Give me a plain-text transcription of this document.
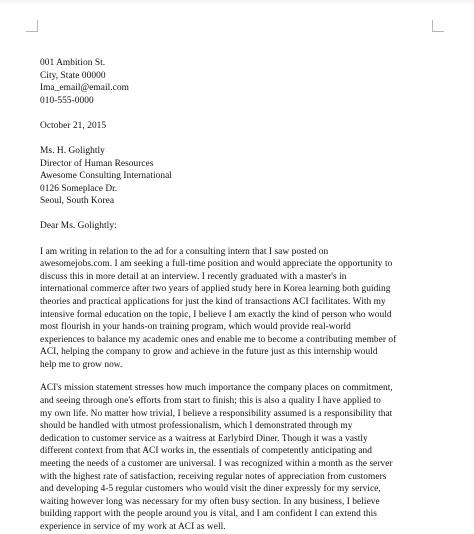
001 Ambition St.

City, State 00000

Ima_email@email.com

010-555-0000

October 21, 2015

Ms. H. Golightly

Director of Human Resources

Awesome Consulting International

0126 Someplace Dr.

Seoul, South Korea

Dear Ms. Golightly:

I am writing in relation to the ad for a consulting intern that I saw posted on

awesomejobs.com. I am seeking a full-time position and would appreciate the opportunity to

discuss this in more detail at an interview. I recently graduated with a master's in

international commerce after two years of applied study here in Korea learning both guiding

theories and practical applications for just the kind of transactions ACI facilitates. With my

intensive formal education on the topic, I believe I am exactly the kind of person who would

most flourish in your hands-on training program, which would provide real-world

experiences to balance my academic ones and enable me to become a contributing member of

ACI, helping the company to grow and achieve in the future just as this internship would

help me to grow now.

ACI's mission statement stresses how much importance the company places on commitment,

and seeing through one's efforts from start to finish; this is also a quality I have applied to

my own life. No matter how trivial, I believe a responsibility assumed is a responsibility that

should be handled with utmost professionalism, which I demonstrated through my

dedication to customer service as a waitress at Earlybird Diner. Though it was a vastly

different context from that ACI works in, the essentials of competently anticipating and

meeting the needs of a customer are universal. I was recognized within a month as the server

with the highest rate of satisfaction, receiving regular notes of appreciation from customers

and developing 4-5 regular customers who would visit the diner expressly for my service,

waiting however long was necessary for my often busy section. In any business, I believe

building rapport with the people around you is vital, and I am confident I can extend this

experience in service of my work at ACI as well.
